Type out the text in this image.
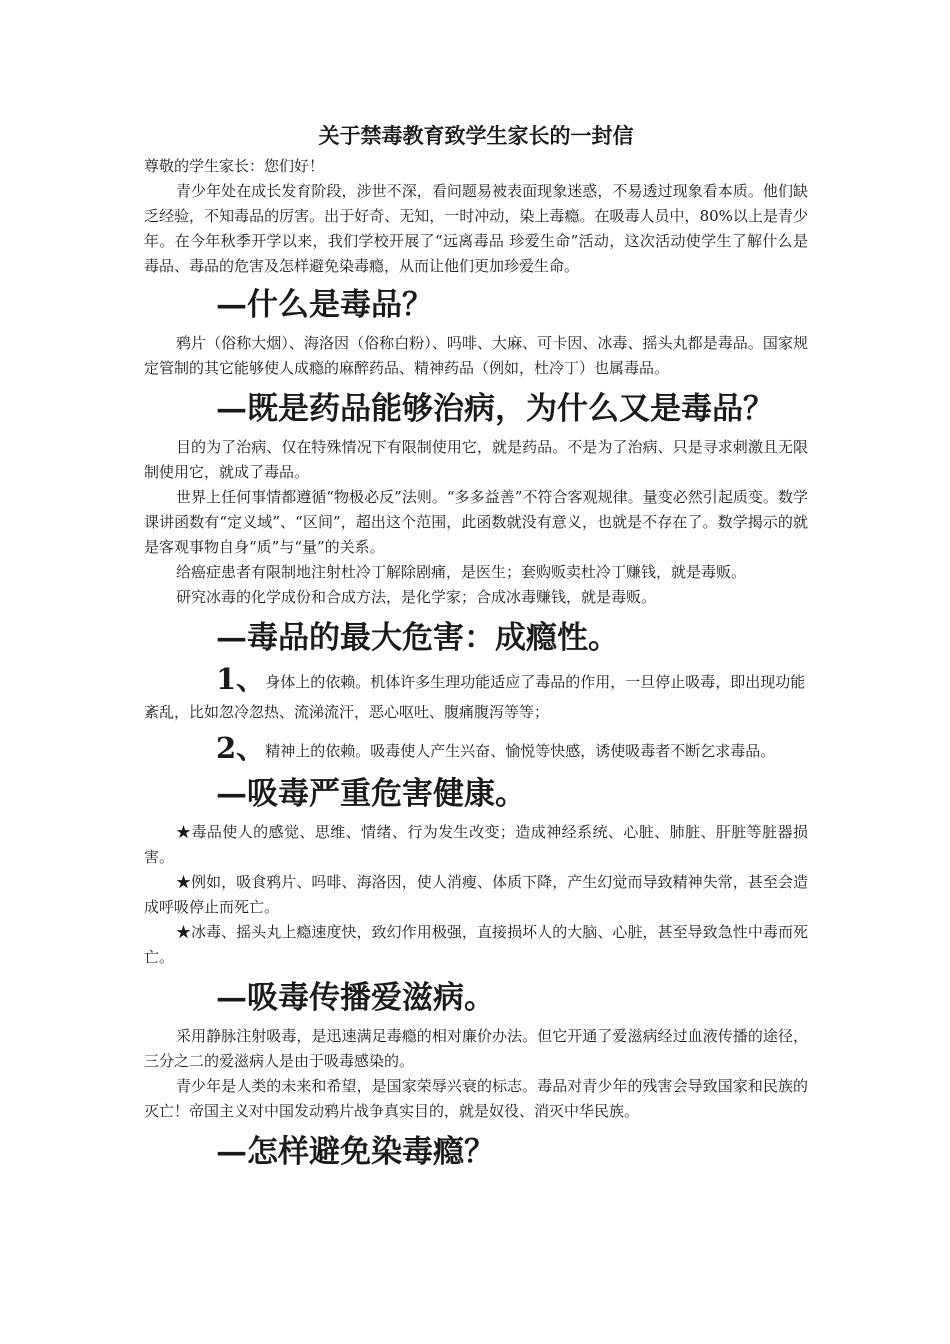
关于禁毒教育致学生家长的一封信

尊敬的学生家长：您们好！

青少年处在成长发育阶段，涉世不深，看问题易被表面现象迷惑，不易透过现象看本质。他们缺乏经验，不知毒品的厉害。出于好奇、无知，一时冲动，染上毒瘾。在吸毒人员中，80%以上是青少年。在今年秋季开学以来，我们学校开展了“远离毒品 珍爱生命”活动，这次活动使学生了解什么是毒品、毒品的危害及怎样避免染毒瘾，从而让他们更加珍爱生命。

—什么是毒品？

鸦片（俗称大烟）、海洛因（俗称白粉）、吗啡、大麻、可卡因、冰毒、摇头丸都是毒品。国家规定管制的其它能够使人成瘾的麻醉药品、精神药品（例如，杜冷丁）也属毒品。

—既是药品能够治病，为什么又是毒品？

目的为了治病、仅在特殊情况下有限制使用它，就是药品。不是为了治病、只是寻求刺激且无限制使用它，就成了毒品。

世界上任何事情都遵循“物极必反”法则。“多多益善”不符合客观规律。量变必然引起质变。数学课讲函数有“定义域”、“区间”，超出这个范围，此函数就没有意义，也就是不存在了。数学揭示的就是客观事物自身“质”与“量”的关系。

给癌症患者有限制地注射杜冷丁解除剧痛，是医生；套购贩卖杜冷丁赚钱，就是毒贩。

研究冰毒的化学成份和合成方法，是化学家；合成冰毒赚钱，就是毒贩。

—毒品的最大危害：成瘾性。

1、身体上的依赖。机体许多生理功能适应了毒品的作用，一旦停止吸毒，即出现功能紊乱，比如忽冷忽热、流涕流汗，恶心呕吐、腹痛腹泻等等；

2、精神上的依赖。吸毒使人产生兴奋、愉悦等快感，诱使吸毒者不断乞求毒品。

—吸毒严重危害健康。

★毒品使人的感觉、思维、情绪、行为发生改变；造成神经系统、心脏、肺脏、肝脏等脏器损害。

★例如，吸食鸦片、吗啡、海洛因，使人消瘦、体质下降，产生幻觉而导致精神失常，甚至会造成呼吸停止而死亡。

★冰毒、摇头丸上瘾速度快，致幻作用极强，直接损坏人的大脑、心脏，甚至导致急性中毒而死亡。

—吸毒传播爱滋病。

采用静脉注射吸毒，是迅速满足毒瘾的相对廉价办法。但它开通了爱滋病经过血液传播的途径，三分之二的爱滋病人是由于吸毒感染的。

青少年是人类的未来和希望，是国家荣辱兴衰的标志。毒品对青少年的残害会导致国家和民族的灭亡！帝国主义对中国发动鸦片战争真实目的，就是奴役、消灭中华民族。

—怎样避免染毒瘾？
